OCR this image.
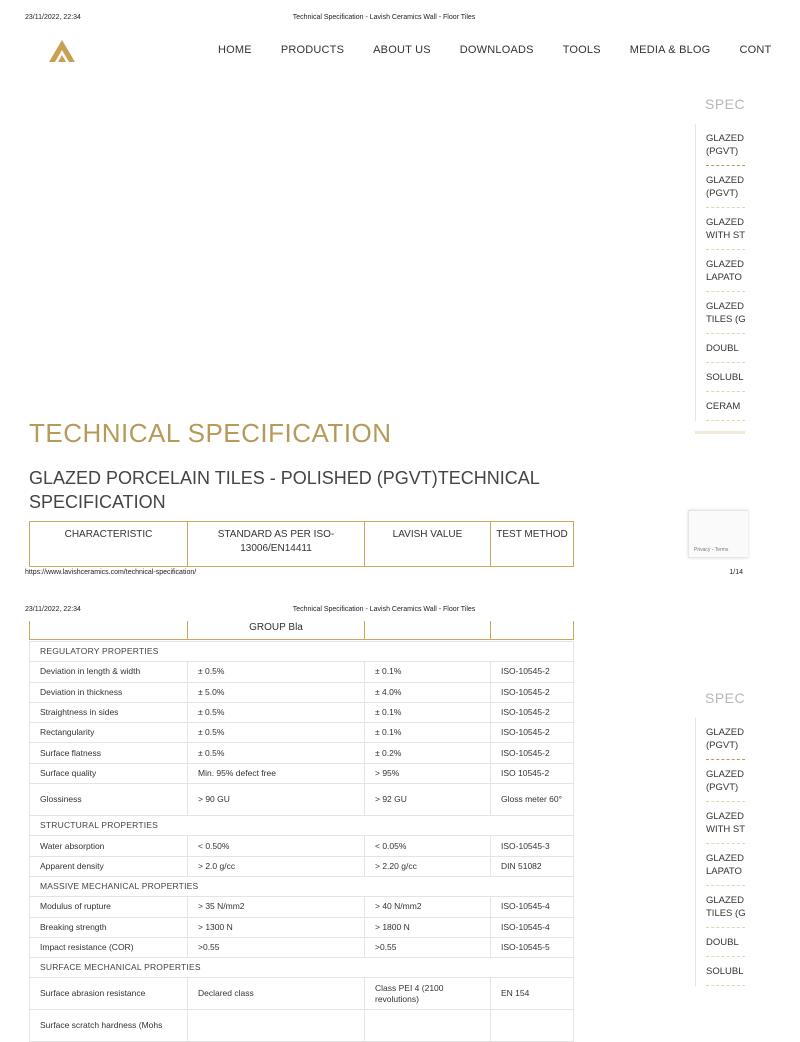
23/11/2022, 22:34	Technical Specification - Lavish Ceramics Wall - Floor Tiles
HOME	PRODUCTS	ABOUT US	DOWNLOADS	TOOLS	MEDIA & BLOG	CONT
SPEC
GLAZED
(PGVT)
GLAZED
(PGVT)
GLAZED
WITH ST
GLAZED
LAPATO
GLAZED
TILES (G
DOUBL
SOLUBL
CERAM
Privacy - Terms
TECHNICAL SPECIFICATION
GLAZED PORCELAIN TILES - POLISHED (PGVT)TECHNICAL SPECIFICATION
CHARACTERISTIC	STANDARD AS PER ISO-13006/EN14411	LAVISH VALUE	TEST METHOD
https://www.lavishceramics.com/technical-specification/	1/14
23/11/2022, 22:34	Technical Specification - Lavish Ceramics Wall - Floor Tiles
	GROUP Bla		
REGULATORY PROPERTIES			
Deviation in length & width	± 0.5%	± 0.1%	ISO-10545-2
Deviation in thickness	± 5.0%	± 4.0%	ISO-10545-2
Straightness in sides	± 0.5%	± 0.1%	ISO-10545-2
Rectangularity	± 0.5%	± 0.1%	ISO-10545-2
Surface flatness	± 0.5%	± 0.2%	ISO-10545-2
Surface quality	Min. 95% defect free	> 95%	ISO 10545-2
Glossiness	> 90 GU	> 92 GU	Gloss meter 60°
STRUCTURAL PROPERTIES			
Water absorption	< 0.50%	< 0.05%	ISO-10545-3
Apparent density	> 2.0 g/cc	> 2.20 g/cc	DIN 51082
MASSIVE MECHANICAL PROPERTIES			
Modulus of rupture	> 35 N/mm2	> 40 N/mm2	ISO-10545-4
Breaking strength	> 1300 N	> 1800 N	ISO-10545-4
Impact resistance (COR)	>0.55	>0.55	ISO-10545-5
SURFACE MECHANICAL PROPERTIES			
Surface abrasion resistance	Declared class	Class PEI 4 (2100 revolutions)	EN 154
Surface scratch hardness (Mohs			
SPEC
GLAZED
(PGVT)
GLAZED
(PGVT)
GLAZED
WITH ST
GLAZED
LAPATO
GLAZED
TILES (G
DOUBL
SOLUBL
